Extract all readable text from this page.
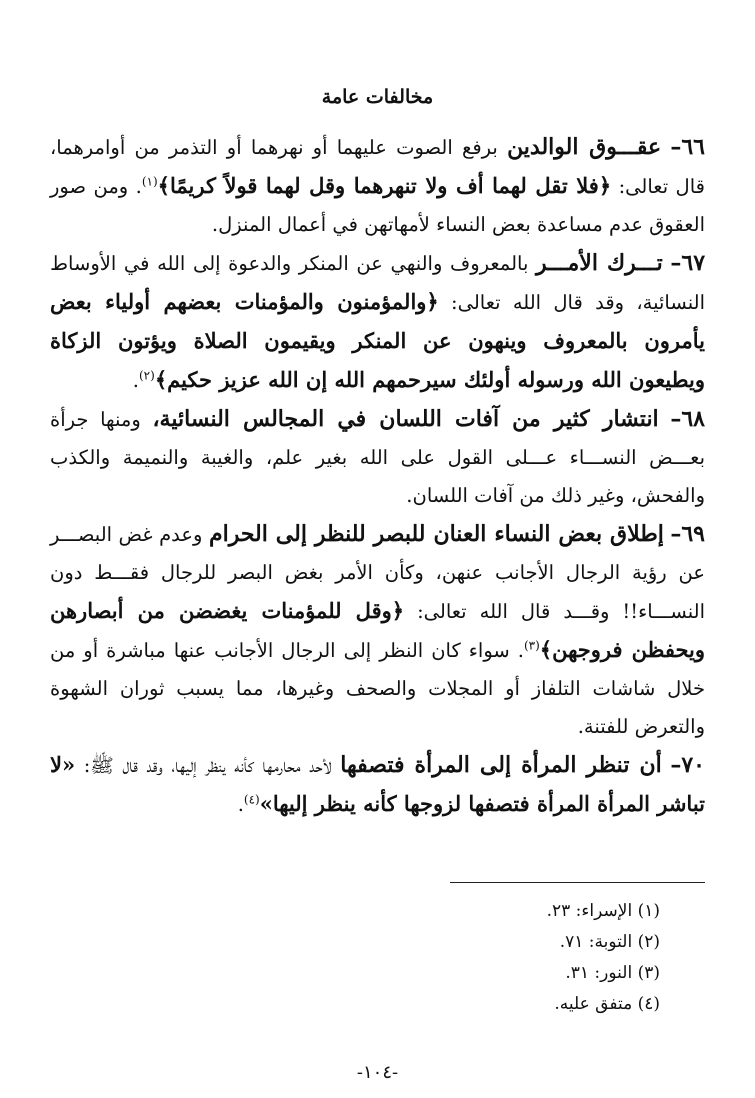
مخالفات عامة

٦٦– عقـــوق الوالدين برفع الصوت عليهما أو نهرهما أو التذمر من أوامرهما، قال تعالى: ﴿فلا تقل لهما أف ولا تنهرهما وقل لهما قولاً كريمًا﴾$^{(١)}$. ومن صور العقوق عدم مساعدة بعض النساء لأمهاتهن في أعمال المنزل.

٦٧– تـــرك الأمـــر بالمعروف والنهي عن المنكر والدعوة إلى الله في الأوساط النسائية، وقد قال الله تعالى: ﴿والمؤمنون والمؤمنات بعضهم أولياء بعض يأمرون بالمعروف وينهون عن المنكر ويقيمون الصلاة ويؤتون الزكاة ويطيعون الله ورسوله أولئك سيرحمهم الله إن الله عزيز حكيم﴾$^{(٢)}$.

٦٨– انتشار كثير من آفات اللسان في المجالس النسائية، ومنها جرأة بعـــض النســـاء عـــلى القول على الله بغير علم، والغيبة والنميمة والكذب والفحش، وغير ذلك من آفات اللسان.

٦٩– إطلاق بعض النساء العنان للبصر للنظر إلى الحرام وعدم غض البصـــر عن رؤية الرجال الأجانب عنهن، وكأن الأمر بغض البصر للرجال فقـــط دون النســـاء!! وقـــد قال الله تعالى: ﴿وقل للمؤمنات يغضضن من أبصارهن ويحفظن فروجهن﴾$^{(٣)}$. سواء كان النظر إلى الرجال الأجانب عنها مباشرة أو من خلال شاشات التلفاز أو المجلات والصحف وغيرها، مما يسبب ثوران الشهوة والتعرض للفتنة.

٧٠– أن تنظر المرأة إلى المرأة فتصفها لأحد محارمها كأنه ينظر إليها، وقد قال ﷺ: «لا تباشر المرأة المرأة فتصفها لزوجها كأنه ينظر إليها»$^{(٤)}$.

(١) الإسراء: ٢٣.
(٢) التوبة: ٧١.
(٣) النور: ٣١.
(٤) متفق عليه.
-١٠٤-
